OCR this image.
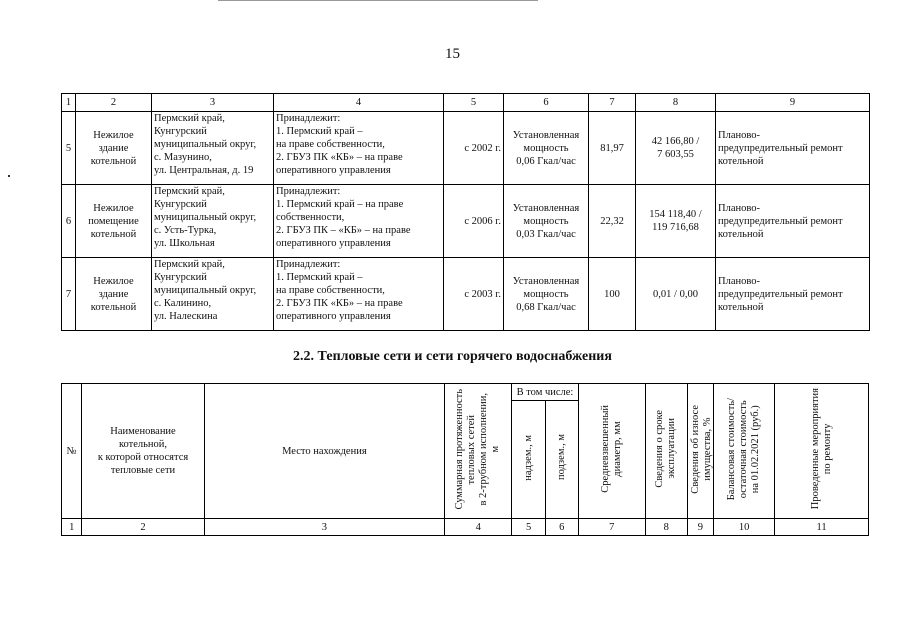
15
1	2	3	4	5	6	7	8	9
5	Нежилое
здание
котельной	Пермский край,
Кунгурский
муниципальный округ,
с. Мазунино,
ул. Центральная, д. 19	Принадлежит:
1. Пермский край –
на праве собственности,
2. ГБУЗ ПК «КБ» – на праве
оперативного управления	с 2002 г.	Установленная
мощность
0,06 Гкал/час	81,97	42 166,80 /
7 603,55	Планово-
предупредительный ремонт
котельной
6	Нежилое
помещение
котельной	Пермский край,
Кунгурский
муниципальный округ,
с. Усть-Турка,
ул. Школьная	Принадлежит:
1. Пермский край – на праве
собственности,
2. ГБУЗ ПК – «КБ» – на праве
оперативного управления	с 2006 г.	Установленная
мощность
0,03 Гкал/час	22,32	154 118,40 /
119 716,68	Планово-
предупредительный ремонт
котельной
7	Нежилое
здание
котельной	Пермский край,
Кунгурский
муниципальный округ,
с. Калинино,
ул. Налескина	Принадлежит:
1. Пермский край –
на праве собственности,
2. ГБУЗ ПК «КБ» – на праве
оперативного управления	с 2003 г.	Установленная
мощность
0,68 Гкал/час	100	0,01 / 0,00	Планово-
предупредительный ремонт
котельной
2.2. Тепловые сети и сети горячего водоснабжения
№	Наименование
котельной,
к которой относятся
тепловые сети	Место нахождения	Суммарная протяженность
тепловых сетей
в 2-трубном исполнении,
м	В том числе:		Средневзвешенный
диаметр, мм	Сведения о сроке
эксплуатации	Сведения об износе
имущества, %	Балансовая стоимость/
остаточная стоимость
на 01.02.2021 (руб.)	Проведенные мероприятия
по ремонту
				надзем., м	подзем., м					
1	2	3	4	5	6	7	8	9	10	11
